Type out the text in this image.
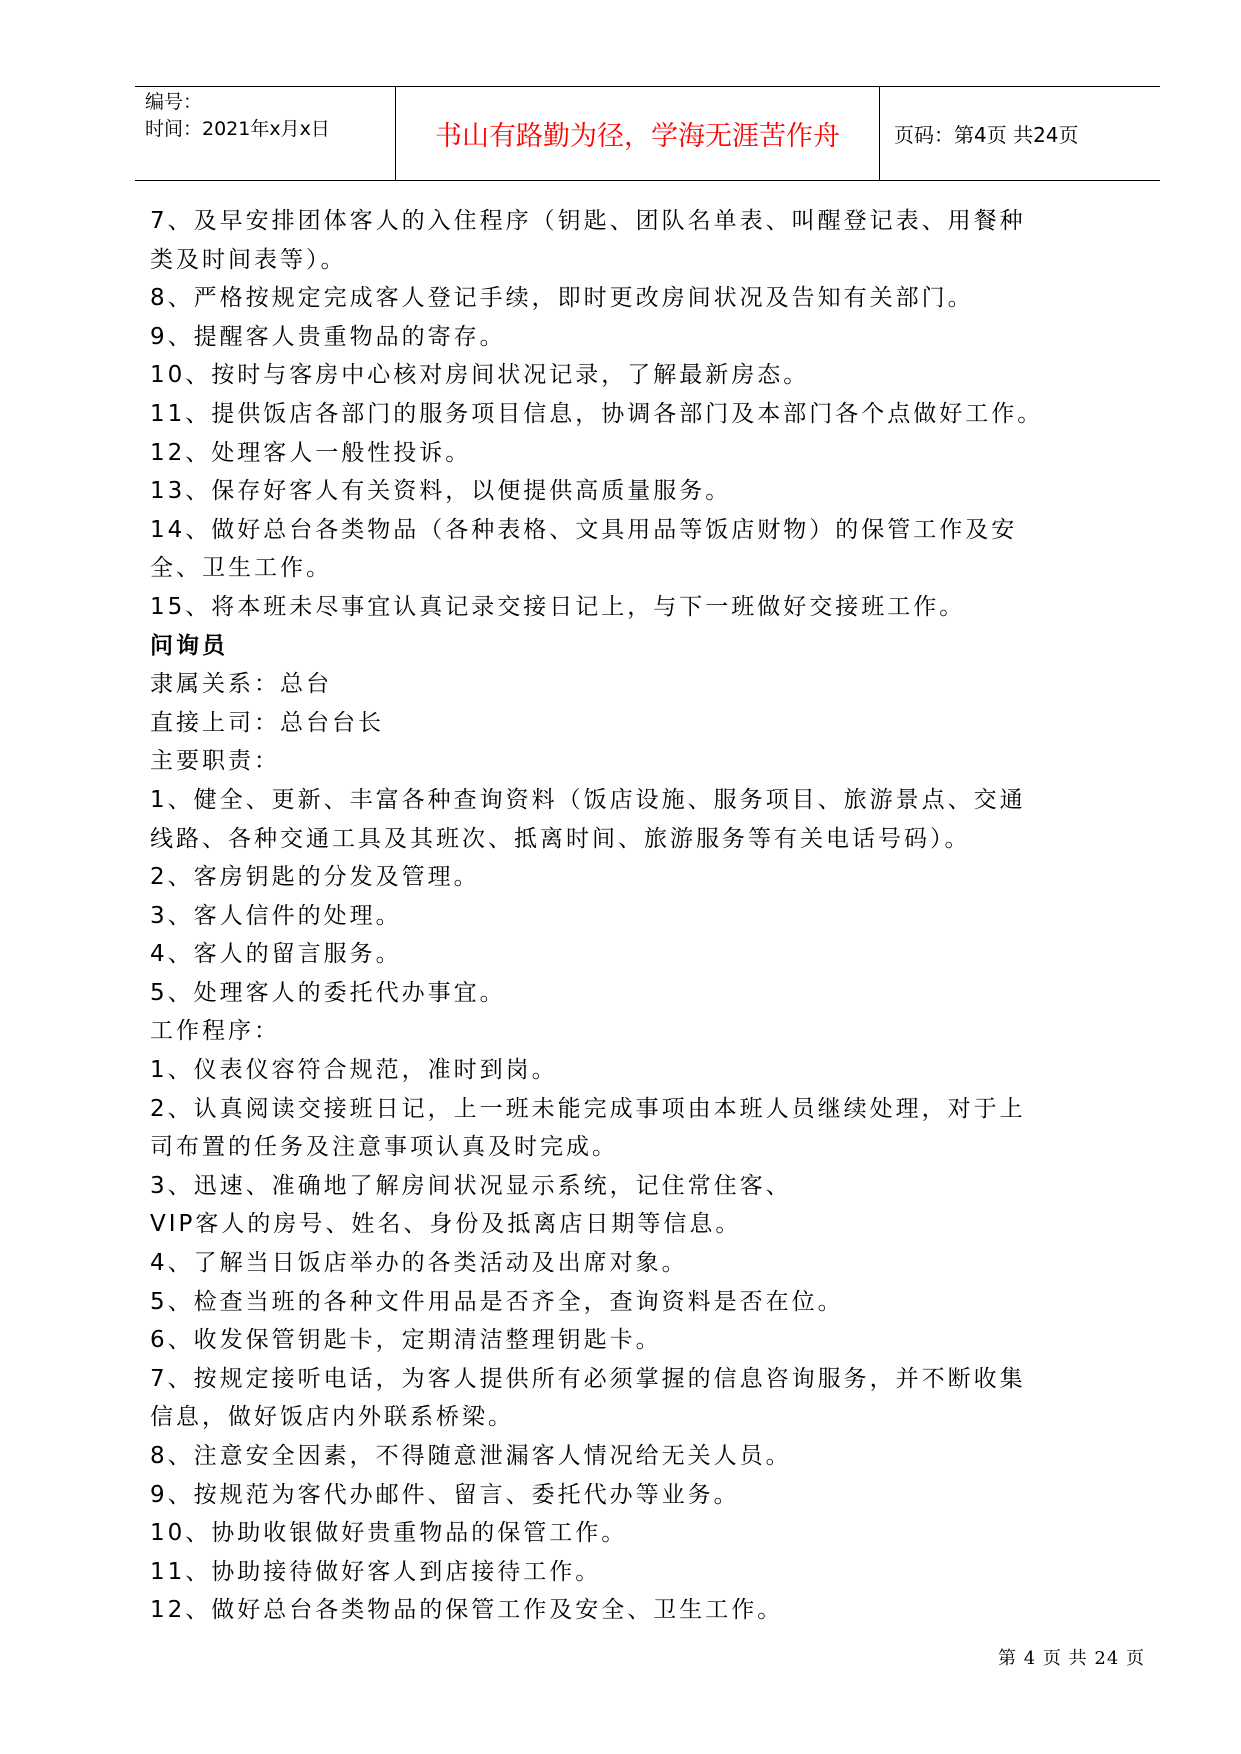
编号：
时间：2021年x月x日	书山有路勤为径，学海无涯苦作舟	页码：第4页 共24页

7、及早安排团体客人的入住程序（钥匙、团队名单表、叫醒登记表、用餐种

类及时间表等）。

8、严格按规定完成客人登记手续，即时更改房间状况及告知有关部门。

9、提醒客人贵重物品的寄存。

10、按时与客房中心核对房间状况记录，了解最新房态。

11、提供饭店各部门的服务项目信息，协调各部门及本部门各个点做好工作。

12、处理客人一般性投诉。

13、保存好客人有关资料，以便提供高质量服务。

14、做好总台各类物品（各种表格、文具用品等饭店财物）的保管工作及安

全、卫生工作。

15、将本班未尽事宜认真记录交接日记上，与下一班做好交接班工作。

问询员

隶属关系：总台

直接上司：总台台长

主要职责：

1、健全、更新、丰富各种查询资料（饭店设施、服务项目、旅游景点、交通

线路、各种交通工具及其班次、抵离时间、旅游服务等有关电话号码）。

2、客房钥匙的分发及管理。

3、客人信件的处理。

4、客人的留言服务。

5、处理客人的委托代办事宜。

工作程序：

1、仪表仪容符合规范，准时到岗。

2、认真阅读交接班日记，上一班未能完成事项由本班人员继续处理，对于上

司布置的任务及注意事项认真及时完成。

3、迅速、准确地了解房间状况显示系统，记住常住客、

VIP客人的房号、姓名、身份及抵离店日期等信息。

4、了解当日饭店举办的各类活动及出席对象。

5、检查当班的各种文件用品是否齐全，查询资料是否在位。

6、收发保管钥匙卡，定期清洁整理钥匙卡。

7、按规定接听电话，为客人提供所有必须掌握的信息咨询服务，并不断收集

信息，做好饭店内外联系桥梁。

8、注意安全因素，不得随意泄漏客人情况给无关人员。

9、按规范为客代办邮件、留言、委托代办等业务。

10、协助收银做好贵重物品的保管工作。

11、协助接待做好客人到店接待工作。

12、做好总台各类物品的保管工作及安全、卫生工作。

第 4 页 共 24 页
